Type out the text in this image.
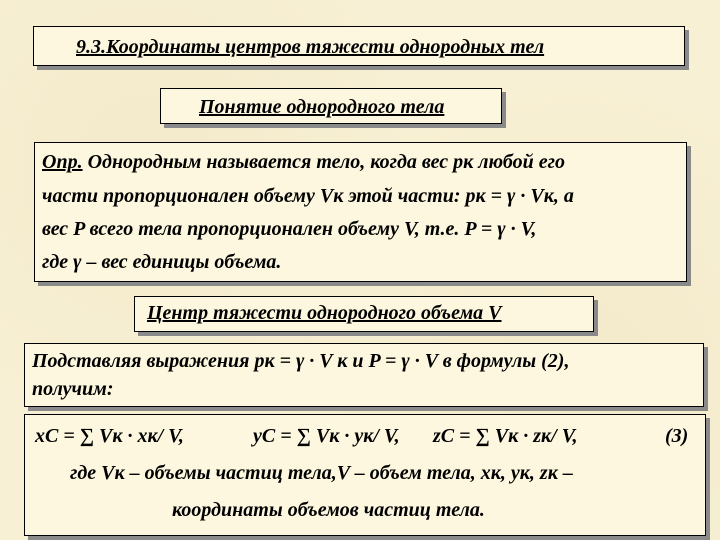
9.3.Координаты центров тяжести однородных тел
Понятие однородного тела
Опр. Однородным называется тело, когда вес pк любой его
части пропорционален объему Vк этой части: pк = γ · Vк, а
вес P всего тела пропорционален объему V, т.е. P = γ · V,
где γ – вес единицы объема.
Центр тяжести однородного объема V
Подставляя выражения pк = γ · V к и P = γ · V в формулы (2),
получим:
xC = ∑ Vк · xк/ V,	yC = ∑ Vк · yк/ V, zC = ∑ Vк · zк/ V,	(3)
где Vк – объемы частиц тела,V – объем тела, xк, yк, zк –
координаты объемов частиц тела.
